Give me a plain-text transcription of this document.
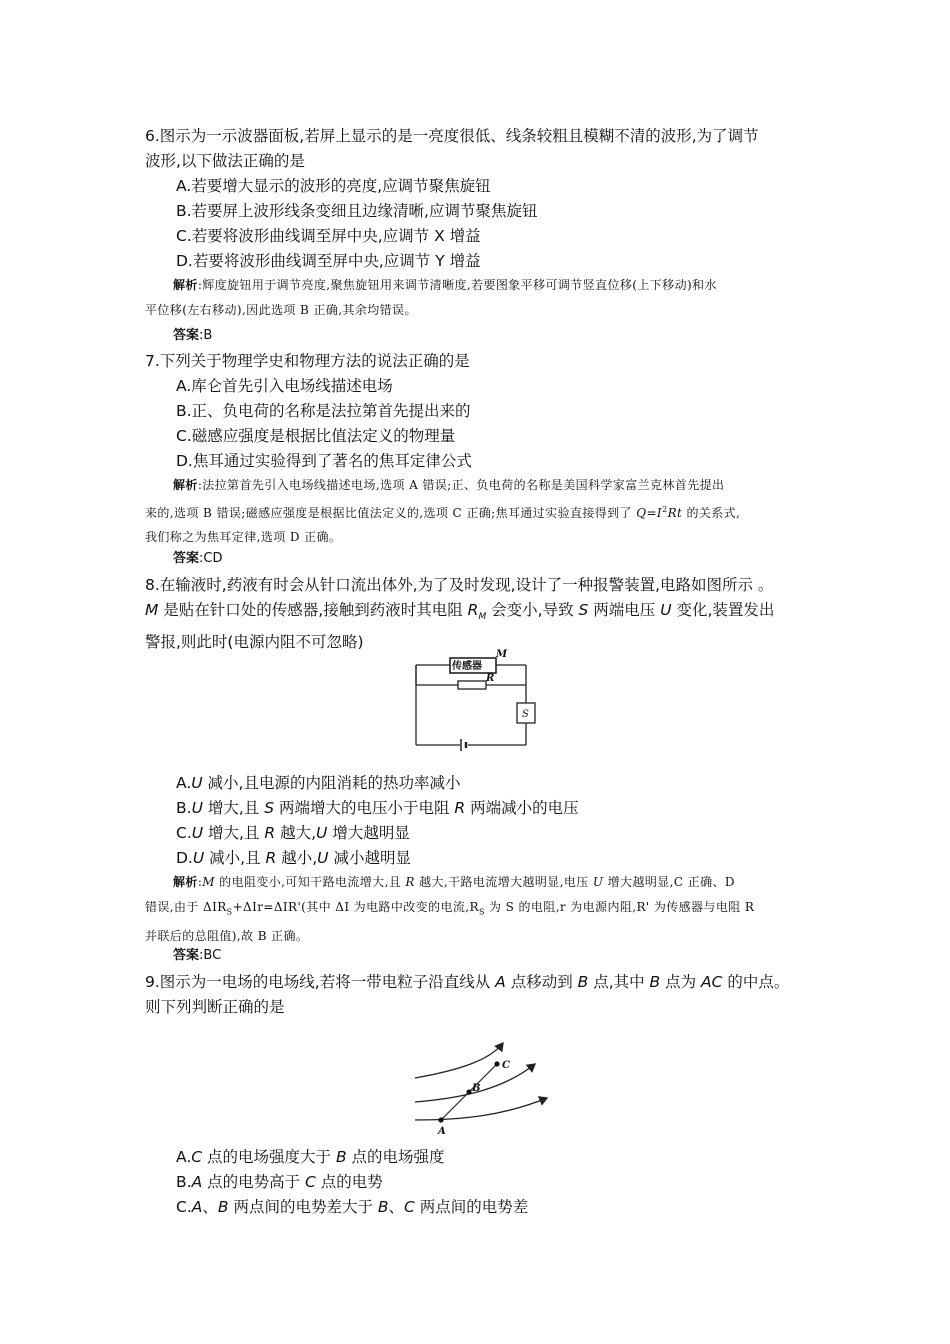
6.图示为一示波器面板,若屏上显示的是一亮度很低、线条较粗且模糊不清的波形,为了调节
波形,以下做法正确的是
A.若要增大显示的波形的亮度,应调节聚焦旋钮
B.若要屏上波形线条变细且边缘清晰,应调节聚焦旋钮
C.若要将波形曲线调至屏中央,应调节 X 增益
D.若要将波形曲线调至屏中央,应调节 Y 增益
解析:辉度旋钮用于调节亮度,聚焦旋钮用来调节清晰度,若要图象平移可调节竖直位移(上下移动)和水
平位移(左右移动),因此选项 B 正确,其余均错误。
答案:B
7.下列关于物理学史和物理方法的说法正确的是
A.库仑首先引入电场线描述电场
B.正、负电荷的名称是法拉第首先提出来的
C.磁感应强度是根据比值法定义的物理量
D.焦耳通过实验得到了著名的焦耳定律公式
解析:法拉第首先引入电场线描述电场,选项 A 错误;正、负电荷的名称是美国科学家富兰克林首先提出
来的,选项 B 错误;磁感应强度是根据比值法定义的,选项 C 正确;焦耳通过实验直接得到了 $Q=I^2Rt$ 的关系式,
我们称之为焦耳定律,选项 D 正确。
答案:CD
8.在输液时,药液有时会从针口流出体外,为了及时发现,设计了一种报警装置,电路如图所示 。
M 是贴在针口处的传感器,接触到药液时其电阻 $R_M$ 会变小,导致 S 两端电压 U 变化,装置发出
警报,则此时(电源内阻不可忽略)
传感器
M
R
S
A.U 减小,且电源的内阻消耗的热功率减小
B.U 增大,且 S 两端增大的电压小于电阻 R 两端减小的电压
C.U 增大,且 R 越大,U 增大越明显
D.U 减小,且 R 越小,U 减小越明显
解析:M 的电阻变小,可知干路电流增大,且 R 越大,干路电流增大越明显,电压 U 增大越明显,C 正确、D
错误,由于 $\Delta IR_S+\Delta Ir=\Delta IR'$(其中 ΔI 为电路中改变的电流$,R_S$ 为 S 的电阻,r 为电源内阻,R' 为传感器与电阻 R
并联后的总阻值),故 B 正确。
答案:BC
9.图示为一电场的电场线,若将一带电粒子沿直线从 A 点移动到 B 点,其中 B 点为 AC 的中点。
则下列判断正确的是
A
B
C
A.C 点的电场强度大于 B 点的电场强度
B.A 点的电势高于 C 点的电势
C.A、B 两点间的电势差大于 B、C 两点间的电势差
